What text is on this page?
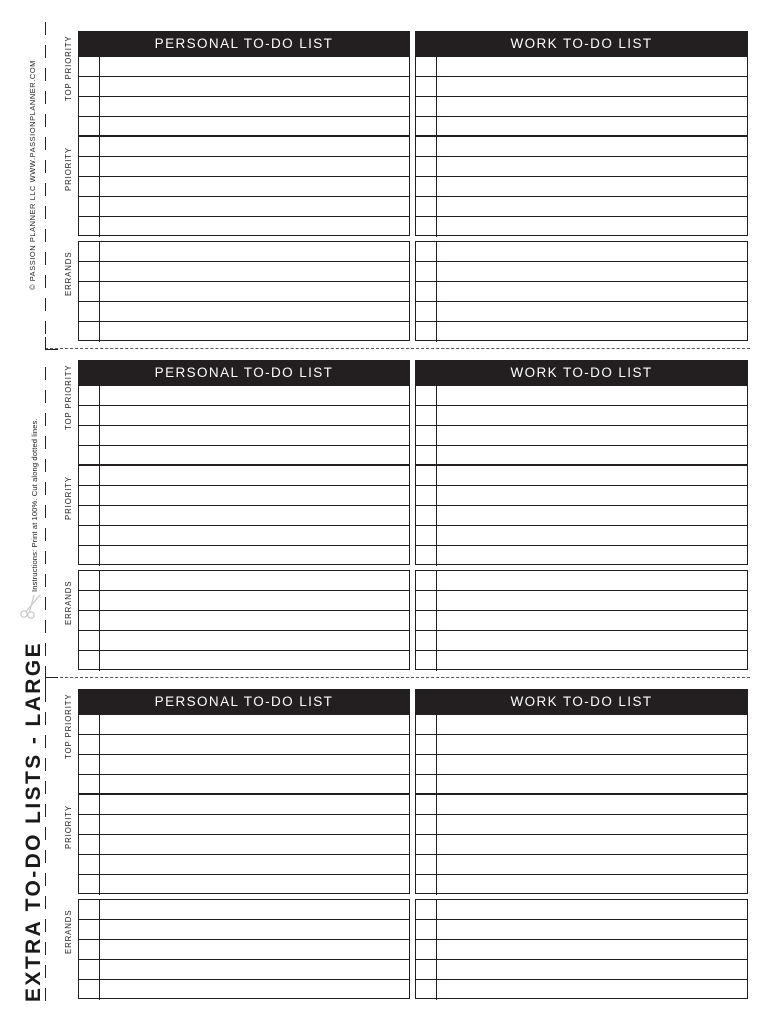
© PASSION PLANNER LLC WWW.PASSIONPLANNER.COM
Instructions: Print at 100%. Cut along dotted lines.
EXTRA TO-DO LISTS - LARGE
PERSONAL TO-DO LIST	WORK TO-DO LIST
TOP PRIORITY
PRIORITY
ERRANDS
PERSONAL TO-DO LIST	WORK TO-DO LIST
TOP PRIORITY
PRIORITY
ERRANDS
PERSONAL TO-DO LIST	WORK TO-DO LIST
TOP PRIORITY
PRIORITY
ERRANDS
